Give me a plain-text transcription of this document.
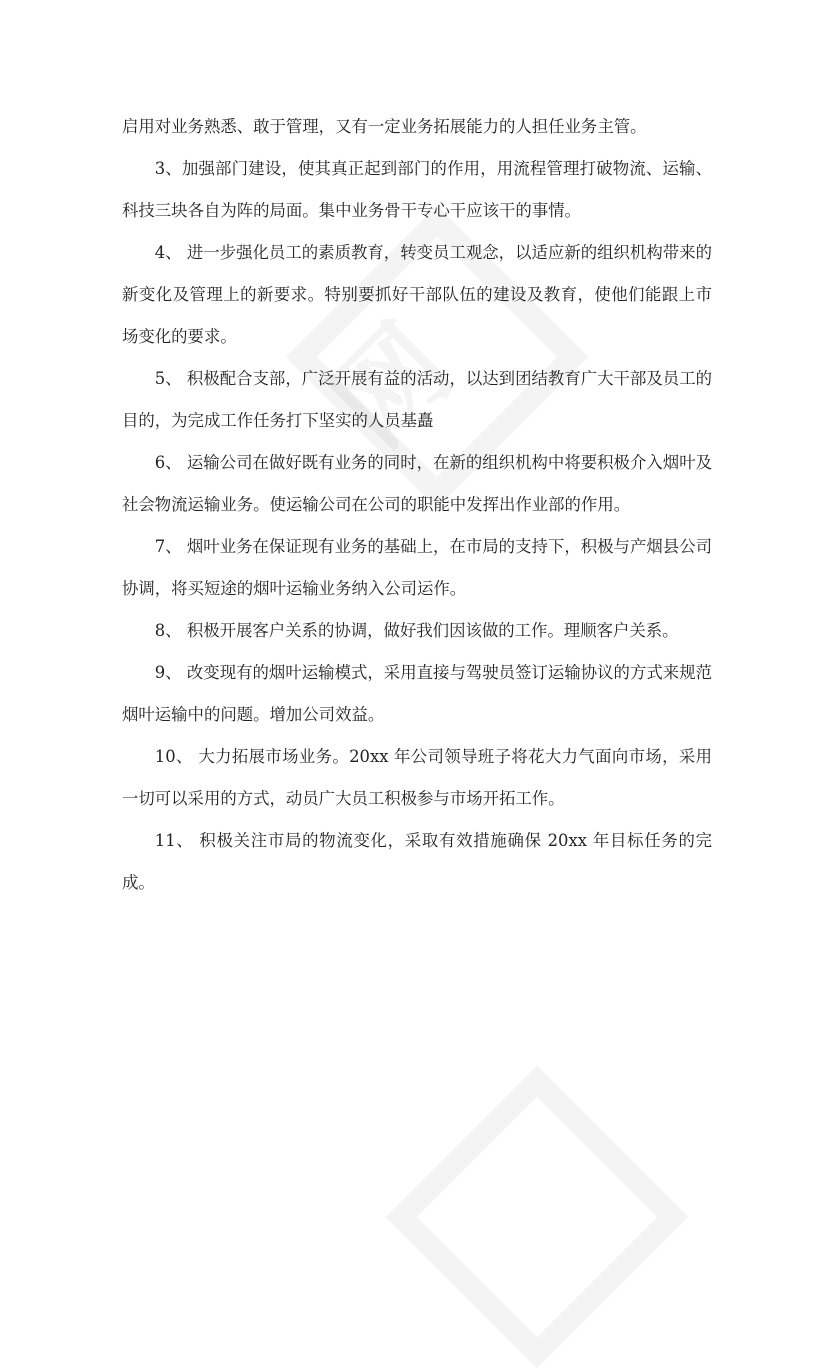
启用对业务熟悉、敢于管理，又有一定业务拓展能力的人担任业务主管。

3、加强部门建设，使其真正起到部门的作用，用流程管理打破物流、运输、科技三块各自为阵的局面。集中业务骨干专心干应该干的事情。

4、 进一步强化员工的素质教育，转变员工观念，以适应新的组织机构带来的新变化及管理上的新要求。特别要抓好干部队伍的建设及教育，使他们能跟上市场变化的要求。

5、 积极配合支部，广泛开展有益的活动，以达到团结教育广大干部及员工的目的，为完成工作任务打下坚实的人员基矗

6、 运输公司在做好既有业务的同时，在新的组织机构中将要积极介入烟叶及社会物流运输业务。使运输公司在公司的职能中发挥出作业部的作用。

7、 烟叶业务在保证现有业务的基础上，在市局的支持下，积极与产烟县公司协调，将买短途的烟叶运输业务纳入公司运作。

8、 积极开展客户关系的协调，做好我们因该做的工作。理顺客户关系。

9、 改变现有的烟叶运输模式，采用直接与驾驶员签订运输协议的方式来规范烟叶运输中的问题。增加公司效益。

10、 大力拓展市场业务。20xx 年公司领导班子将花大力气面向市场，采用一切可以采用的方式，动员广大员工积极参与市场开拓工作。

11、 积极关注市局的物流变化，采取有效措施确保 20xx 年目标任务的完成。
